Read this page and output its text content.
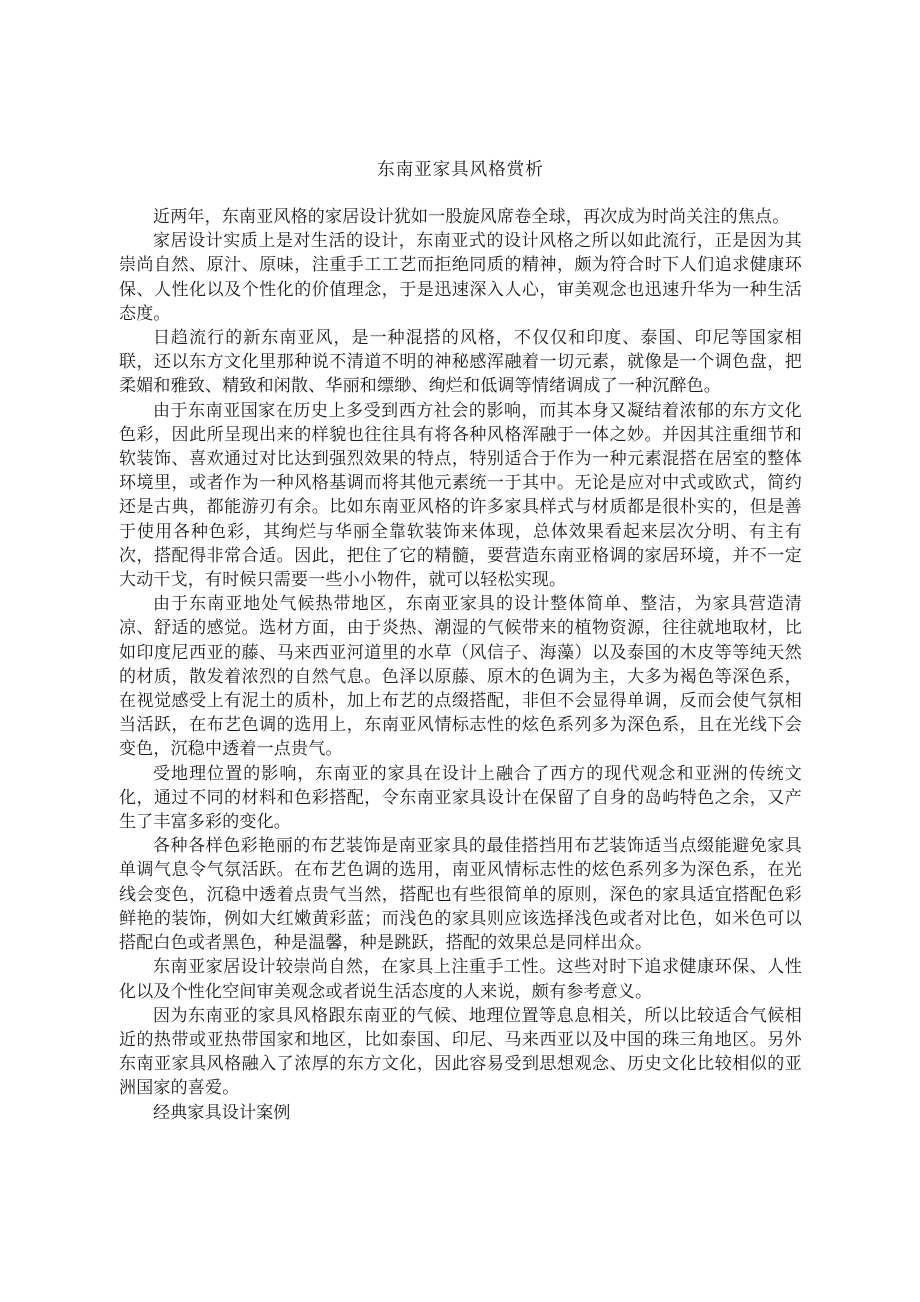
东南亚家具风格赏析

近两年，东南亚风格的家居设计犹如一股旋风席卷全球，再次成为时尚关注的焦点。

家居设计实质上是对生活的设计，东南亚式的设计风格之所以如此流行，正是因为其崇尚自然、原汁、原味，注重手工工艺而拒绝同质的精神，颇为符合时下人们追求健康环保、人性化以及个性化的价值理念，于是迅速深入人心，审美观念也迅速升华为一种生活态度。

日趋流行的新东南亚风，是一种混搭的风格，不仅仅和印度、泰国、印尼等国家相联，还以东方文化里那种说不清道不明的神秘感浑融着一切元素，就像是一个调色盘，把柔媚和雅致、精致和闲散、华丽和缥缈、绚烂和低调等情绪调成了一种沉醉色。

由于东南亚国家在历史上多受到西方社会的影响，而其本身又凝结着浓郁的东方文化色彩，因此所呈现出来的样貌也往往具有将各种风格浑融于一体之妙。并因其注重细节和软装饰、喜欢通过对比达到强烈效果的特点，特别适合于作为一种元素混搭在居室的整体环境里，或者作为一种风格基调而将其他元素统一于其中。无论是应对中式或欧式，简约还是古典，都能游刃有余。比如东南亚风格的许多家具样式与材质都是很朴实的，但是善于使用各种色彩，其绚烂与华丽全靠软装饰来体现，总体效果看起来层次分明、有主有次，搭配得非常合适。因此，把住了它的精髓，要营造东南亚格调的家居环境，并不一定大动干戈，有时候只需要一些小小物件，就可以轻松实现。

由于东南亚地处气候热带地区，东南亚家具的设计整体简单、整洁，为家具营造清凉、舒适的感觉。选材方面，由于炎热、潮湿的气候带来的植物资源，往往就地取材，比如印度尼西亚的藤、马来西亚河道里的水草（风信子、海藻）以及泰国的木皮等等纯天然的材质，散发着浓烈的自然气息。色泽以原藤、原木的色调为主，大多为褐色等深色系，在视觉感受上有泥土的质朴，加上布艺的点缀搭配，非但不会显得单调，反而会使气氛相当活跃，在布艺色调的选用上，东南亚风情标志性的炫色系列多为深色系，且在光线下会变色，沉稳中透着一点贵气。

受地理位置的影响，东南亚的家具在设计上融合了西方的现代观念和亚洲的传统文化，通过不同的材料和色彩搭配，令东南亚家具设计在保留了自身的岛屿特色之余，又产生了丰富多彩的变化。

各种各样色彩艳丽的布艺装饰是南亚家具的最佳搭挡用布艺装饰适当点缀能避免家具单调气息令气氛活跃。在布艺色调的选用，南亚风情标志性的炫色系列多为深色系，在光线会变色，沉稳中透着点贵气当然，搭配也有些很简单的原则，深色的家具适宜搭配色彩鲜艳的装饰，例如大红嫩黄彩蓝；而浅色的家具则应该选择浅色或者对比色，如米色可以搭配白色或者黑色，种是温馨，种是跳跃，搭配的效果总是同样出众。

东南亚家居设计较崇尚自然，在家具上注重手工性。这些对时下追求健康环保、人性化以及个性化空间审美观念或者说生活态度的人来说，颇有参考意义。

因为东南亚的家具风格跟东南亚的气候、地理位置等息息相关，所以比较适合气候相近的热带或亚热带国家和地区，比如泰国、印尼、马来西亚以及中国的珠三角地区。另外东南亚家具风格融入了浓厚的东方文化，因此容易受到思想观念、历史文化比较相似的亚洲国家的喜爱。

经典家具设计案例
